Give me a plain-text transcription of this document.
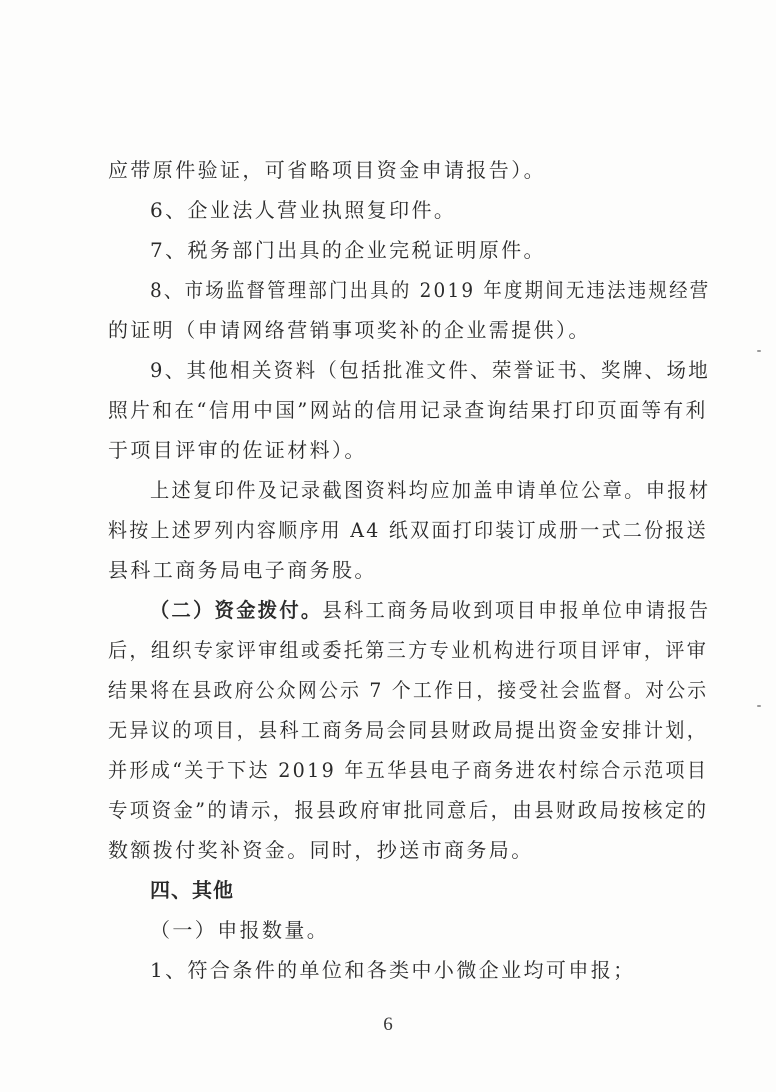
应带原件验证，可省略项目资金申请报告）。
6、企业法人营业执照复印件。
7、税务部门出具的企业完税证明原件。
8、市场监督管理部门出具的 2019 年度期间无违法违规经营
的证明（申请网络营销事项奖补的企业需提供）。
9、其他相关资料（包括批准文件、荣誉证书、奖牌、场地
照片和在“信用中国”网站的信用记录查询结果打印页面等有利
于项目评审的佐证材料）。
上述复印件及记录截图资料均应加盖申请单位公章。申报材
料按上述罗列内容顺序用 A4 纸双面打印装订成册一式二份报送
县科工商务局电子商务股。
（二）资金拨付。县科工商务局收到项目申报单位申请报告
后，组织专家评审组或委托第三方专业机构进行项目评审，评审
结果将在县政府公众网公示 7 个工作日，接受社会监督。对公示
无异议的项目，县科工商务局会同县财政局提出资金安排计划，
并形成“关于下达 2019 年五华县电子商务进农村综合示范项目
专项资金”的请示，报县政府审批同意后，由县财政局按核定的
数额拨付奖补资金。同时，抄送市商务局。
四、其他
（一）申报数量。
1、符合条件的单位和各类中小微企业均可申报；
6
